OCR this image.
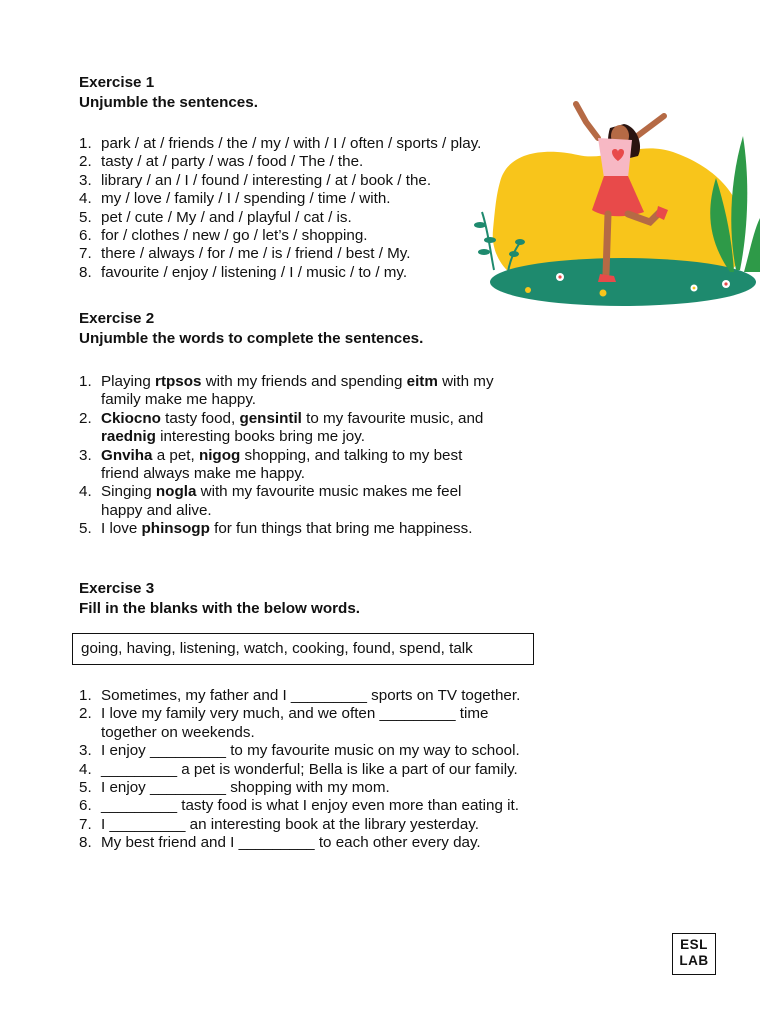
Exercise 1
Unjumble the sentences.
1. park / at / friends / the / my / with / I / often / sports / play.
2. tasty / at / party / was / food / The / the.
3. library / an / I / found / interesting / at / book / the.
4. my / love / family / I / spending / time / with.
5. pet / cute / My / and / playful / cat / is.
6. for / clothes / new / go / let’s / shopping.
7. there / always / for / me / is / friend / best / My.
8. favourite / enjoy / listening / I / music / to / my.
Exercise 2
Unjumble the words to complete the sentences.
1. Playing rtpsos with my friends and spending eitm with my
family make me happy.
2. Ckiocno tasty food, gensintil to my favourite music, and
raednig interesting books bring me joy.
3. Gnviha a pet, nigog shopping, and talking to my best
friend always make me happy.
4. Singing nogla with my favourite music makes me feel
happy and alive.
5. I love phinsogp for fun things that bring me happiness.
Exercise 3
Fill in the blanks with the below words.
going, having, listening, watch, cooking, found, spend, talk
1. Sometimes, my father and I _________ sports on TV together.
2. I love my family very much, and we often _________ time
together on weekends.
3. I enjoy _________ to my favourite music on my way to school.
4. _________ a pet is wonderful; Bella is like a part of our family.
5. I enjoy _________ shopping with my mom.
6. _________ tasty food is what I enjoy even more than eating it.
7. I _________ an interesting book at the library yesterday.
8. My best friend and I _________ to each other every day.
ESL
LAB
